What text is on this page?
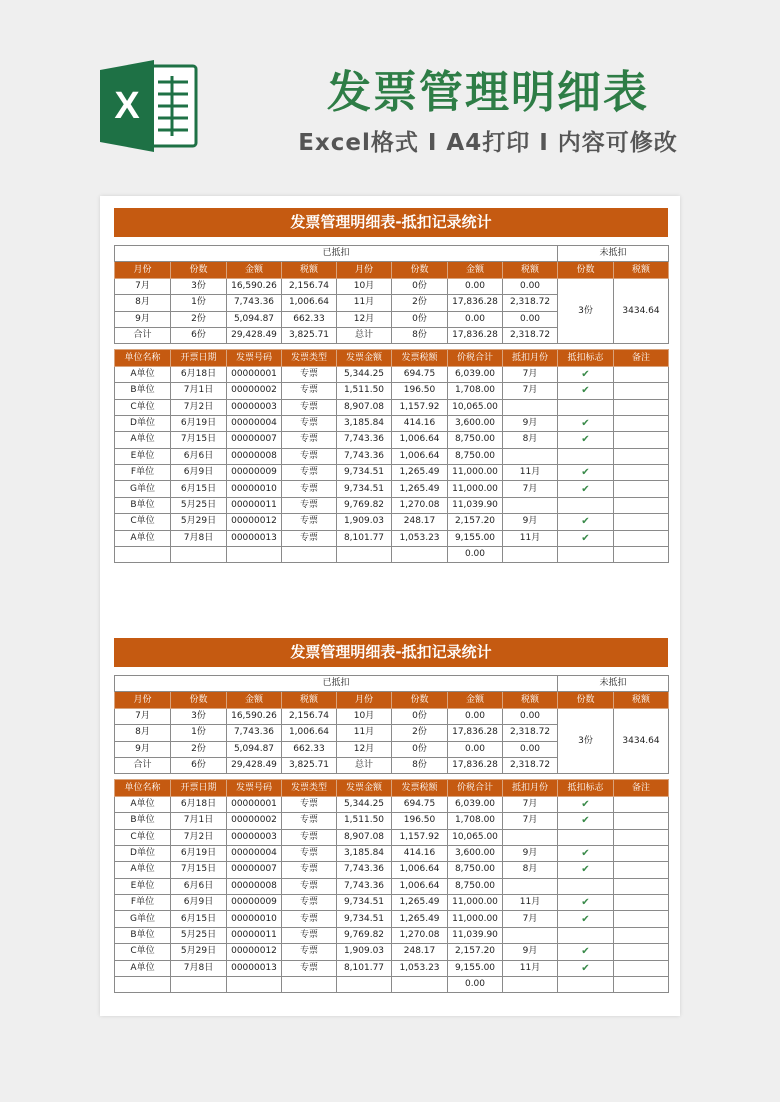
X	发票管理明细表
Excel格式 I A4打印 I 内容可修改
发票管理明细表-抵扣记录统计
已抵扣								未抵扣	
月份	份数	金额	税额	月份	份数	金额	税额	份数	税额
7月	3份	16,590.26	2,156.74	10月	0份	0.00	0.00	3份	3434.64
8月	1份	7,743.36	1,006.64	11月	2份	17,836.28	2,318.72		
9月	2份	5,094.87	662.33	12月	0份	0.00	0.00		
合计	6份	29,428.49	3,825.71	总计	8份	17,836.28	2,318.72		
单位名称	开票日期	发票号码	发票类型	发票金额	发票税额	价税合计	抵扣月份	抵扣标志	备注
A单位	6月18日	00000001	专票	5,344.25	694.75	6,039.00	7月	✔	
B单位	7月1日	00000002	专票	1,511.50	196.50	1,708.00	7月	✔	
C单位	7月2日	00000003	专票	8,907.08	1,157.92	10,065.00			
D单位	6月19日	00000004	专票	3,185.84	414.16	3,600.00	9月	✔	
A单位	7月15日	00000007	专票	7,743.36	1,006.64	8,750.00	8月	✔	
E单位	6月6日	00000008	专票	7,743.36	1,006.64	8,750.00			
F单位	6月9日	00000009	专票	9,734.51	1,265.49	11,000.00	11月	✔	
G单位	6月15日	00000010	专票	9,734.51	1,265.49	11,000.00	7月	✔	
B单位	5月25日	00000011	专票	9,769.82	1,270.08	11,039.90			
C单位	5月29日	00000012	专票	1,909.03	248.17	2,157.20	9月	✔	
A单位	7月8日	00000013	专票	8,101.77	1,053.23	9,155.00	11月	✔	
						0.00			
发票管理明细表-抵扣记录统计
已抵扣								未抵扣	
月份	份数	金额	税额	月份	份数	金额	税额	份数	税额
7月	3份	16,590.26	2,156.74	10月	0份	0.00	0.00	3份	3434.64
8月	1份	7,743.36	1,006.64	11月	2份	17,836.28	2,318.72		
9月	2份	5,094.87	662.33	12月	0份	0.00	0.00		
合计	6份	29,428.49	3,825.71	总计	8份	17,836.28	2,318.72		
单位名称	开票日期	发票号码	发票类型	发票金额	发票税额	价税合计	抵扣月份	抵扣标志	备注
A单位	6月18日	00000001	专票	5,344.25	694.75	6,039.00	7月	✔	
B单位	7月1日	00000002	专票	1,511.50	196.50	1,708.00	7月	✔	
C单位	7月2日	00000003	专票	8,907.08	1,157.92	10,065.00			
D单位	6月19日	00000004	专票	3,185.84	414.16	3,600.00	9月	✔	
A单位	7月15日	00000007	专票	7,743.36	1,006.64	8,750.00	8月	✔	
E单位	6月6日	00000008	专票	7,743.36	1,006.64	8,750.00			
F单位	6月9日	00000009	专票	9,734.51	1,265.49	11,000.00	11月	✔	
G单位	6月15日	00000010	专票	9,734.51	1,265.49	11,000.00	7月	✔	
B单位	5月25日	00000011	专票	9,769.82	1,270.08	11,039.90			
C单位	5月29日	00000012	专票	1,909.03	248.17	2,157.20	9月	✔	
A单位	7月8日	00000013	专票	8,101.77	1,053.23	9,155.00	11月	✔	
						0.00			
